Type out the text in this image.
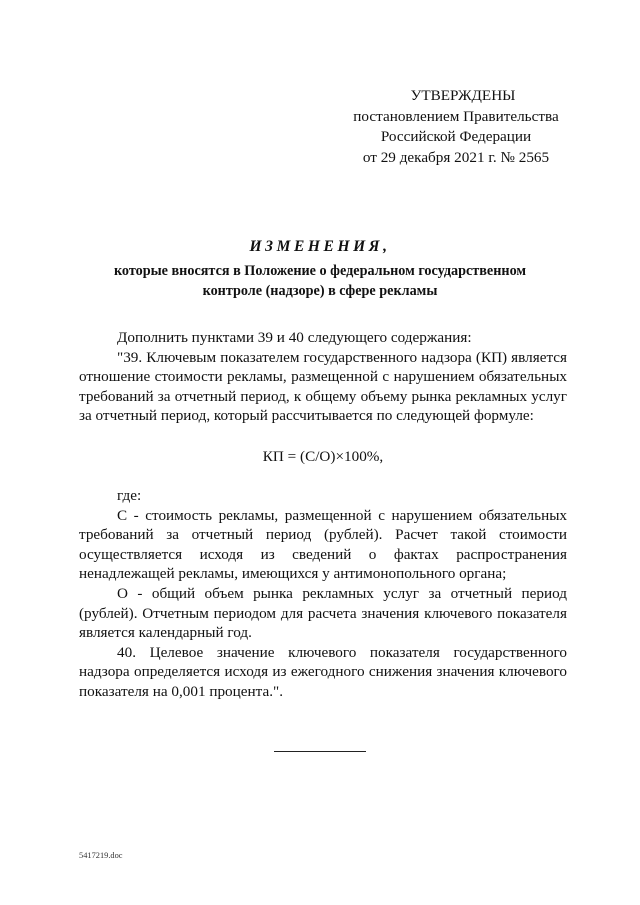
УТВЕРЖДЕНЫ
постановлением Правительства
Российской Федерации
от 29 декабря 2021 г. № 2565
ИЗМЕНЕНИЯ,
которые вносятся в Положение о федеральном государственном
контроле (надзоре) в сфере рекламы

Дополнить пунктами 39 и 40 следующего содержания:

"39. Ключевым показателем государственного надзора (КП) является отношение стоимости рекламы, размещенной с нарушением обязательных требований за отчетный период, к общему объему рынка рекламных услуг за отчетный период, который рассчитывается по следующей формуле:

КП = (С/О)×100%,

где:

С - стоимость рекламы, размещенной с нарушением обязательных требований за отчетный период (рублей). Расчет такой стоимости осуществляется исходя из сведений о фактах распространения ненадлежащей рекламы, имеющихся у антимонопольного органа;

О - общий объем рынка рекламных услуг за отчетный период (рублей). Отчетным периодом для расчета значения ключевого показателя является календарный год.

40. Целевое значение ключевого показателя государственного надзора определяется исходя из ежегодного снижения значения ключевого показателя на 0,001 процента.".

5417219.doc
